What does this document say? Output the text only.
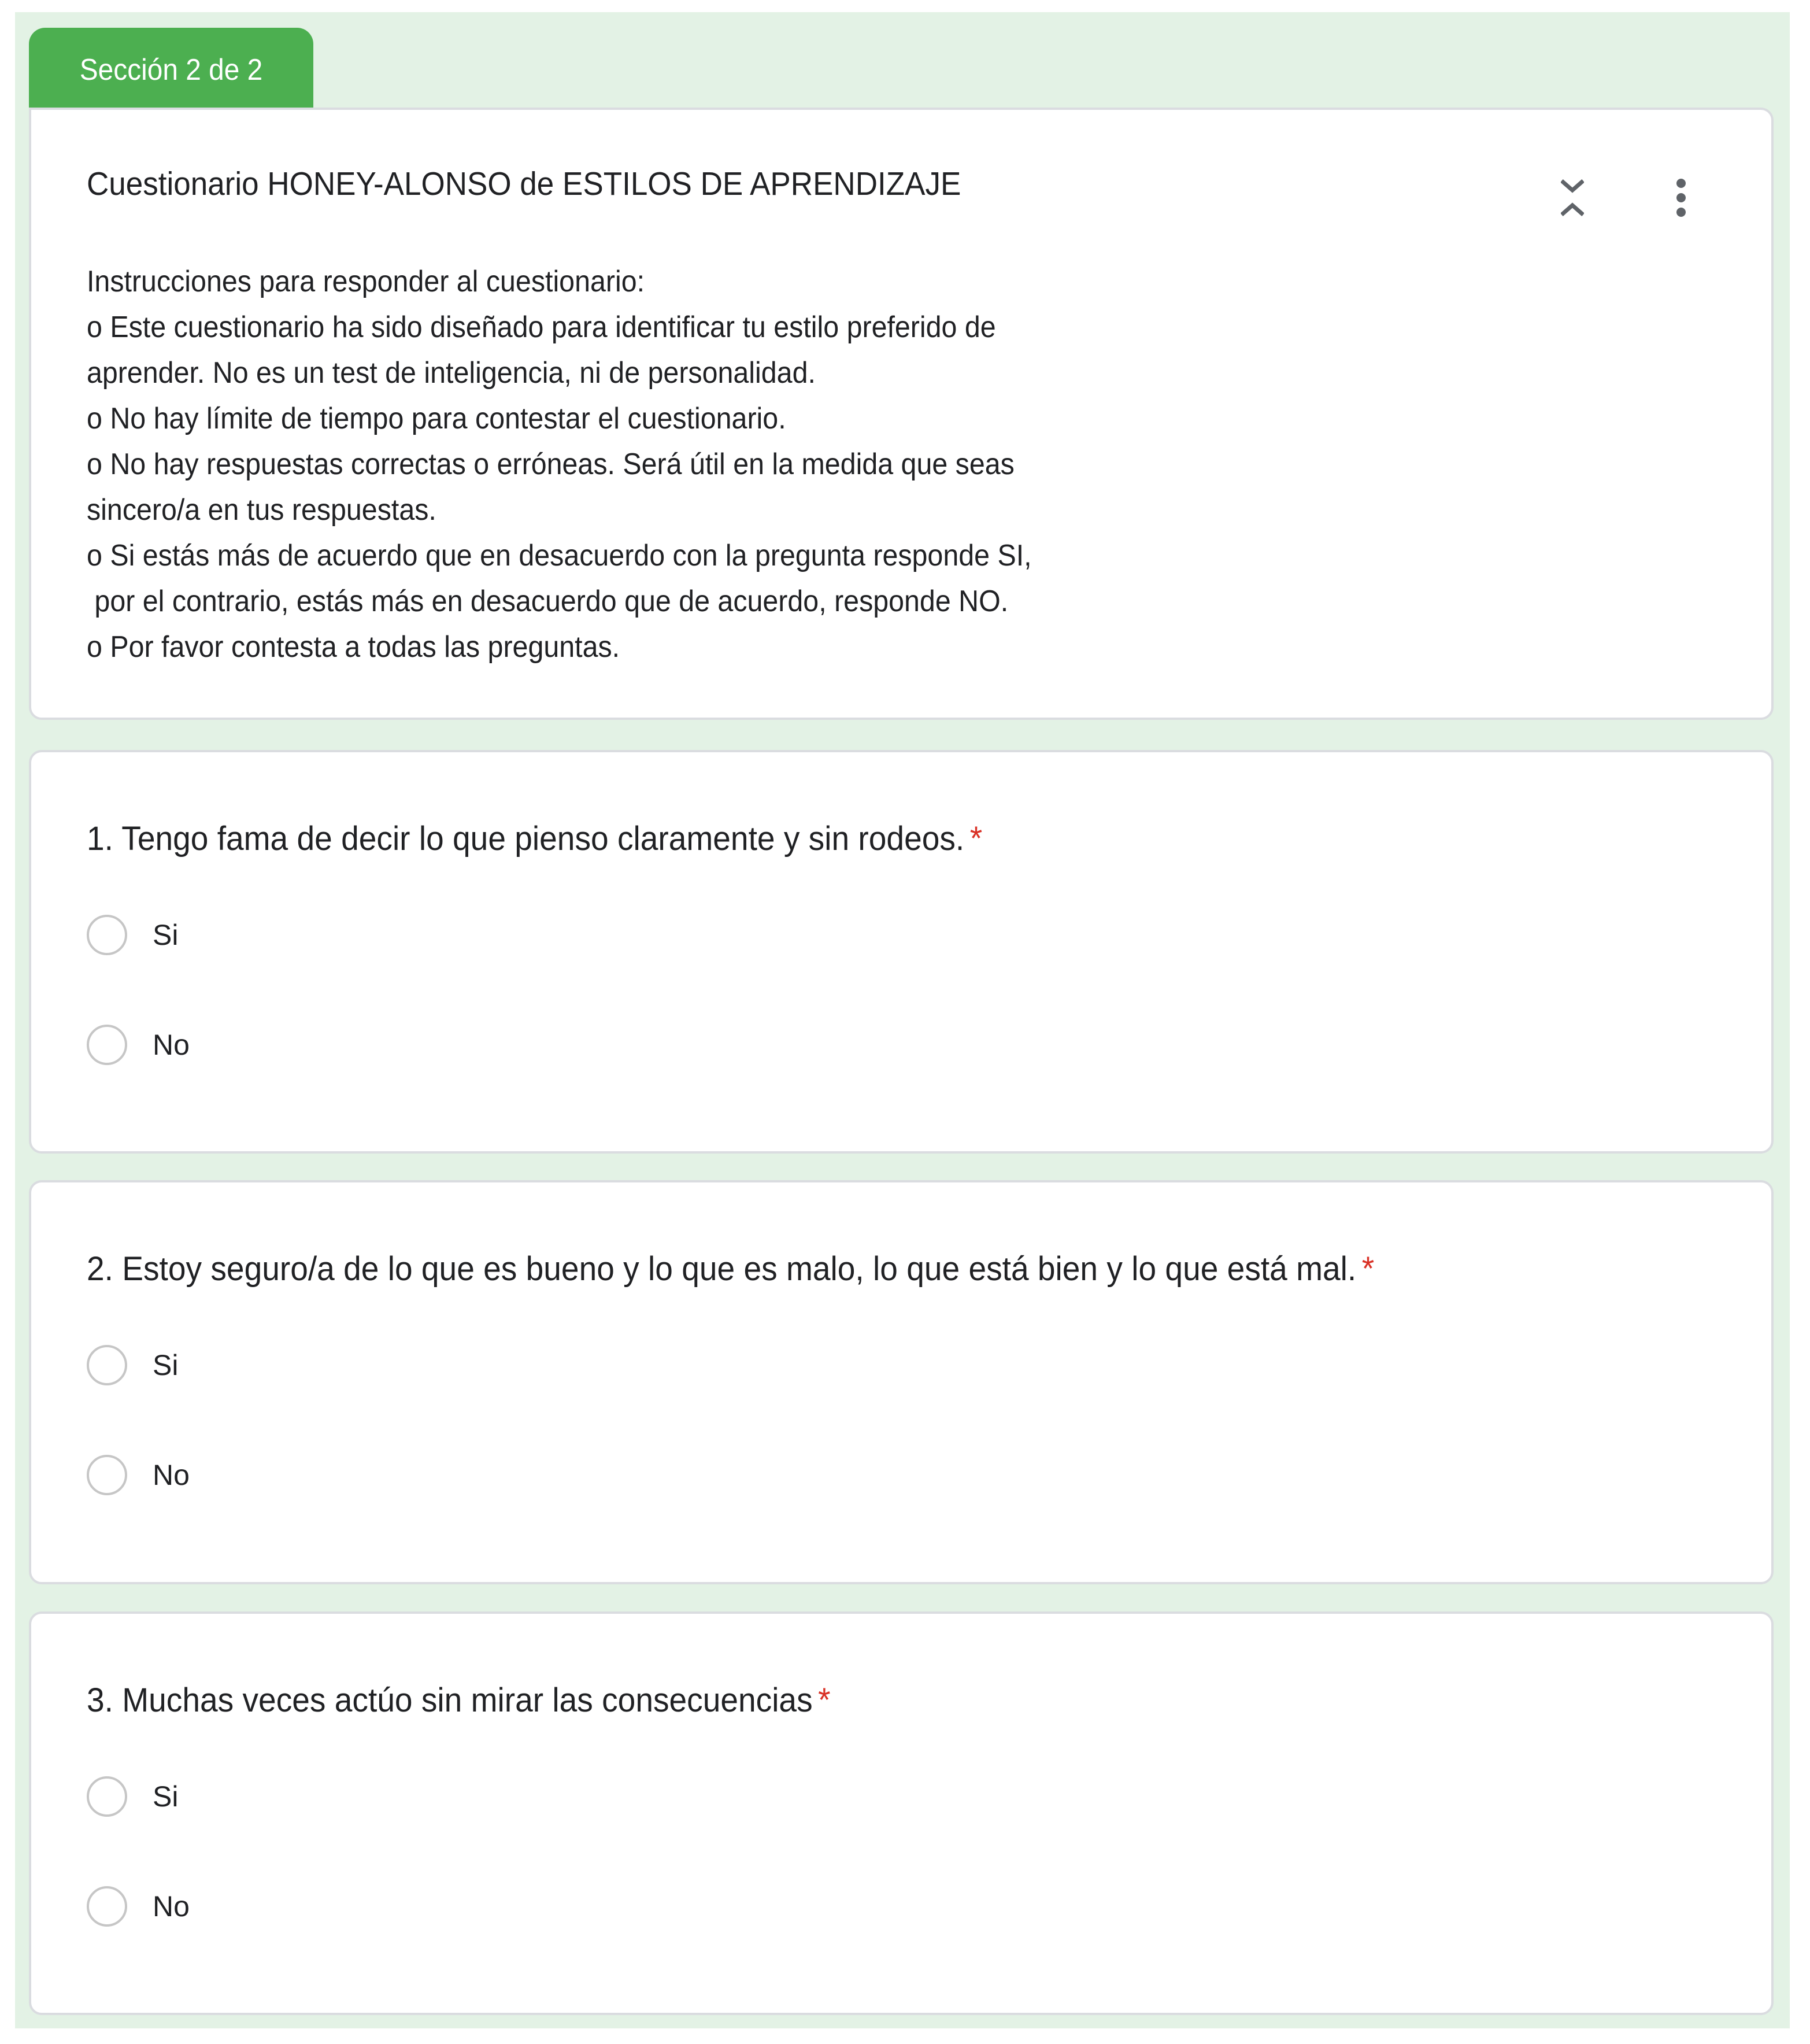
Sección 2 de 2
Cuestionario HONEY-ALONSO de ESTILOS DE APRENDIZAJE
Instrucciones para responder al cuestionario:
o Este cuestionario ha sido diseñado para identificar tu estilo preferido de
aprender. No es un test de inteligencia, ni de personalidad.
o No hay límite de tiempo para contestar el cuestionario.
o No hay respuestas correctas o erróneas. Será útil en la medida que seas
sincero/a en tus respuestas.
o Si estás más de acuerdo que en desacuerdo con la pregunta responde SI,
por el contrario, estás más en desacuerdo que de acuerdo, responde NO.
o Por favor contesta a todas las preguntas.
1. Tengo fama de decir lo que pienso claramente y sin rodeos. *
Si
No
2. Estoy seguro/a de lo que es bueno y lo que es malo, lo que está bien y lo que está mal. *
Si
No
3. Muchas veces actúo sin mirar las consecuencias *
Si
No
